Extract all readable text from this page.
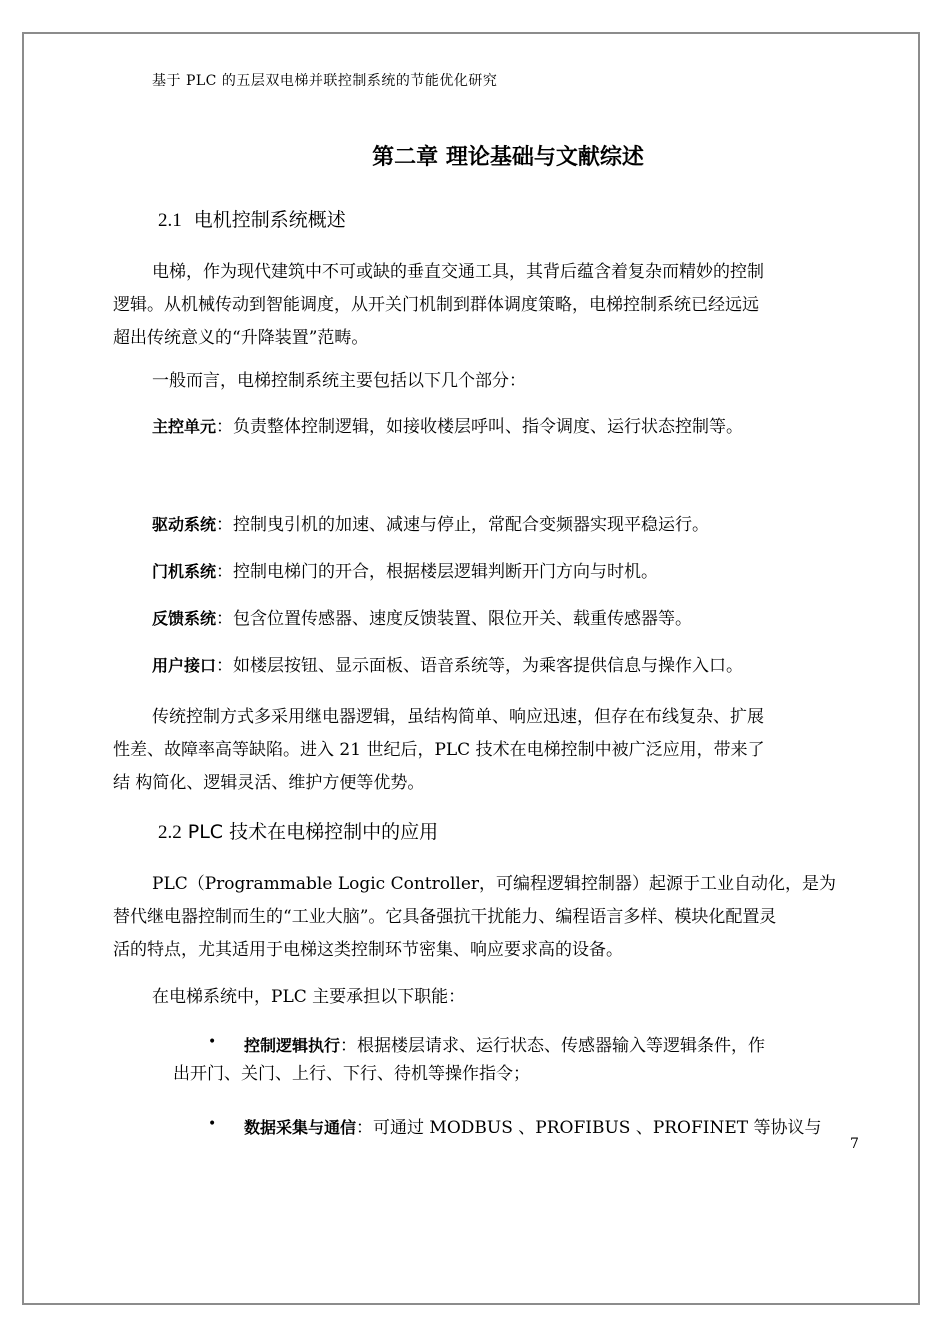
基于 PLC 的五层双电梯并联控制系统的节能优化研究
第二章 理论基础与文献综述
2.1 电机控制系统概述
电梯，作为现代建筑中不可或缺的垂直交通工具，其背后蕴含着复杂而精妙的控制
逻辑。从机械传动到智能调度，从开关门机制到群体调度策略，电梯控制系统已经远远
超出传统意义的“升降装置”范畴。
一般而言，电梯控制系统主要包括以下几个部分：
主控单元：负责整体控制逻辑，如接收楼层呼叫、指令调度、运行状态控制等。
驱动系统：控制曳引机的加速、减速与停止，常配合变频器实现平稳运行。
门机系统：控制电梯门的开合，根据楼层逻辑判断开门方向与时机。
反馈系统：包含位置传感器、速度反馈装置、限位开关、载重传感器等。
用户接口：如楼层按钮、显示面板、语音系统等，为乘客提供信息与操作入口。
传统控制方式多采用继电器逻辑，虽结构简单、响应迅速，但存在布线复杂、扩展
性差、故障率高等缺陷。进入 21 世纪后，PLC 技术在电梯控制中被广泛应用，带来了
结 构简化、逻辑灵活、维护方便等优势。
2.2 PLC 技术在电梯控制中的应用
PLC（Programmable Logic Controller，可编程逻辑控制器）起源于工业自动化，是为
替代继电器控制而生的“工业大脑”。它具备强抗干扰能力、编程语言多样、模块化配置灵
活的特点，尤其适用于电梯这类控制环节密集、响应要求高的设备。
在电梯系统中，PLC 主要承担以下职能：
• 控制逻辑执行：根据楼层请求、运行状态、传感器输入等逻辑条件，作
出开门、关门、上行、下行、待机等操作指令；
• 数据采集与通信：可通过 MODBUS 、PROFIBUS 、PROFINET 等协议与
7
